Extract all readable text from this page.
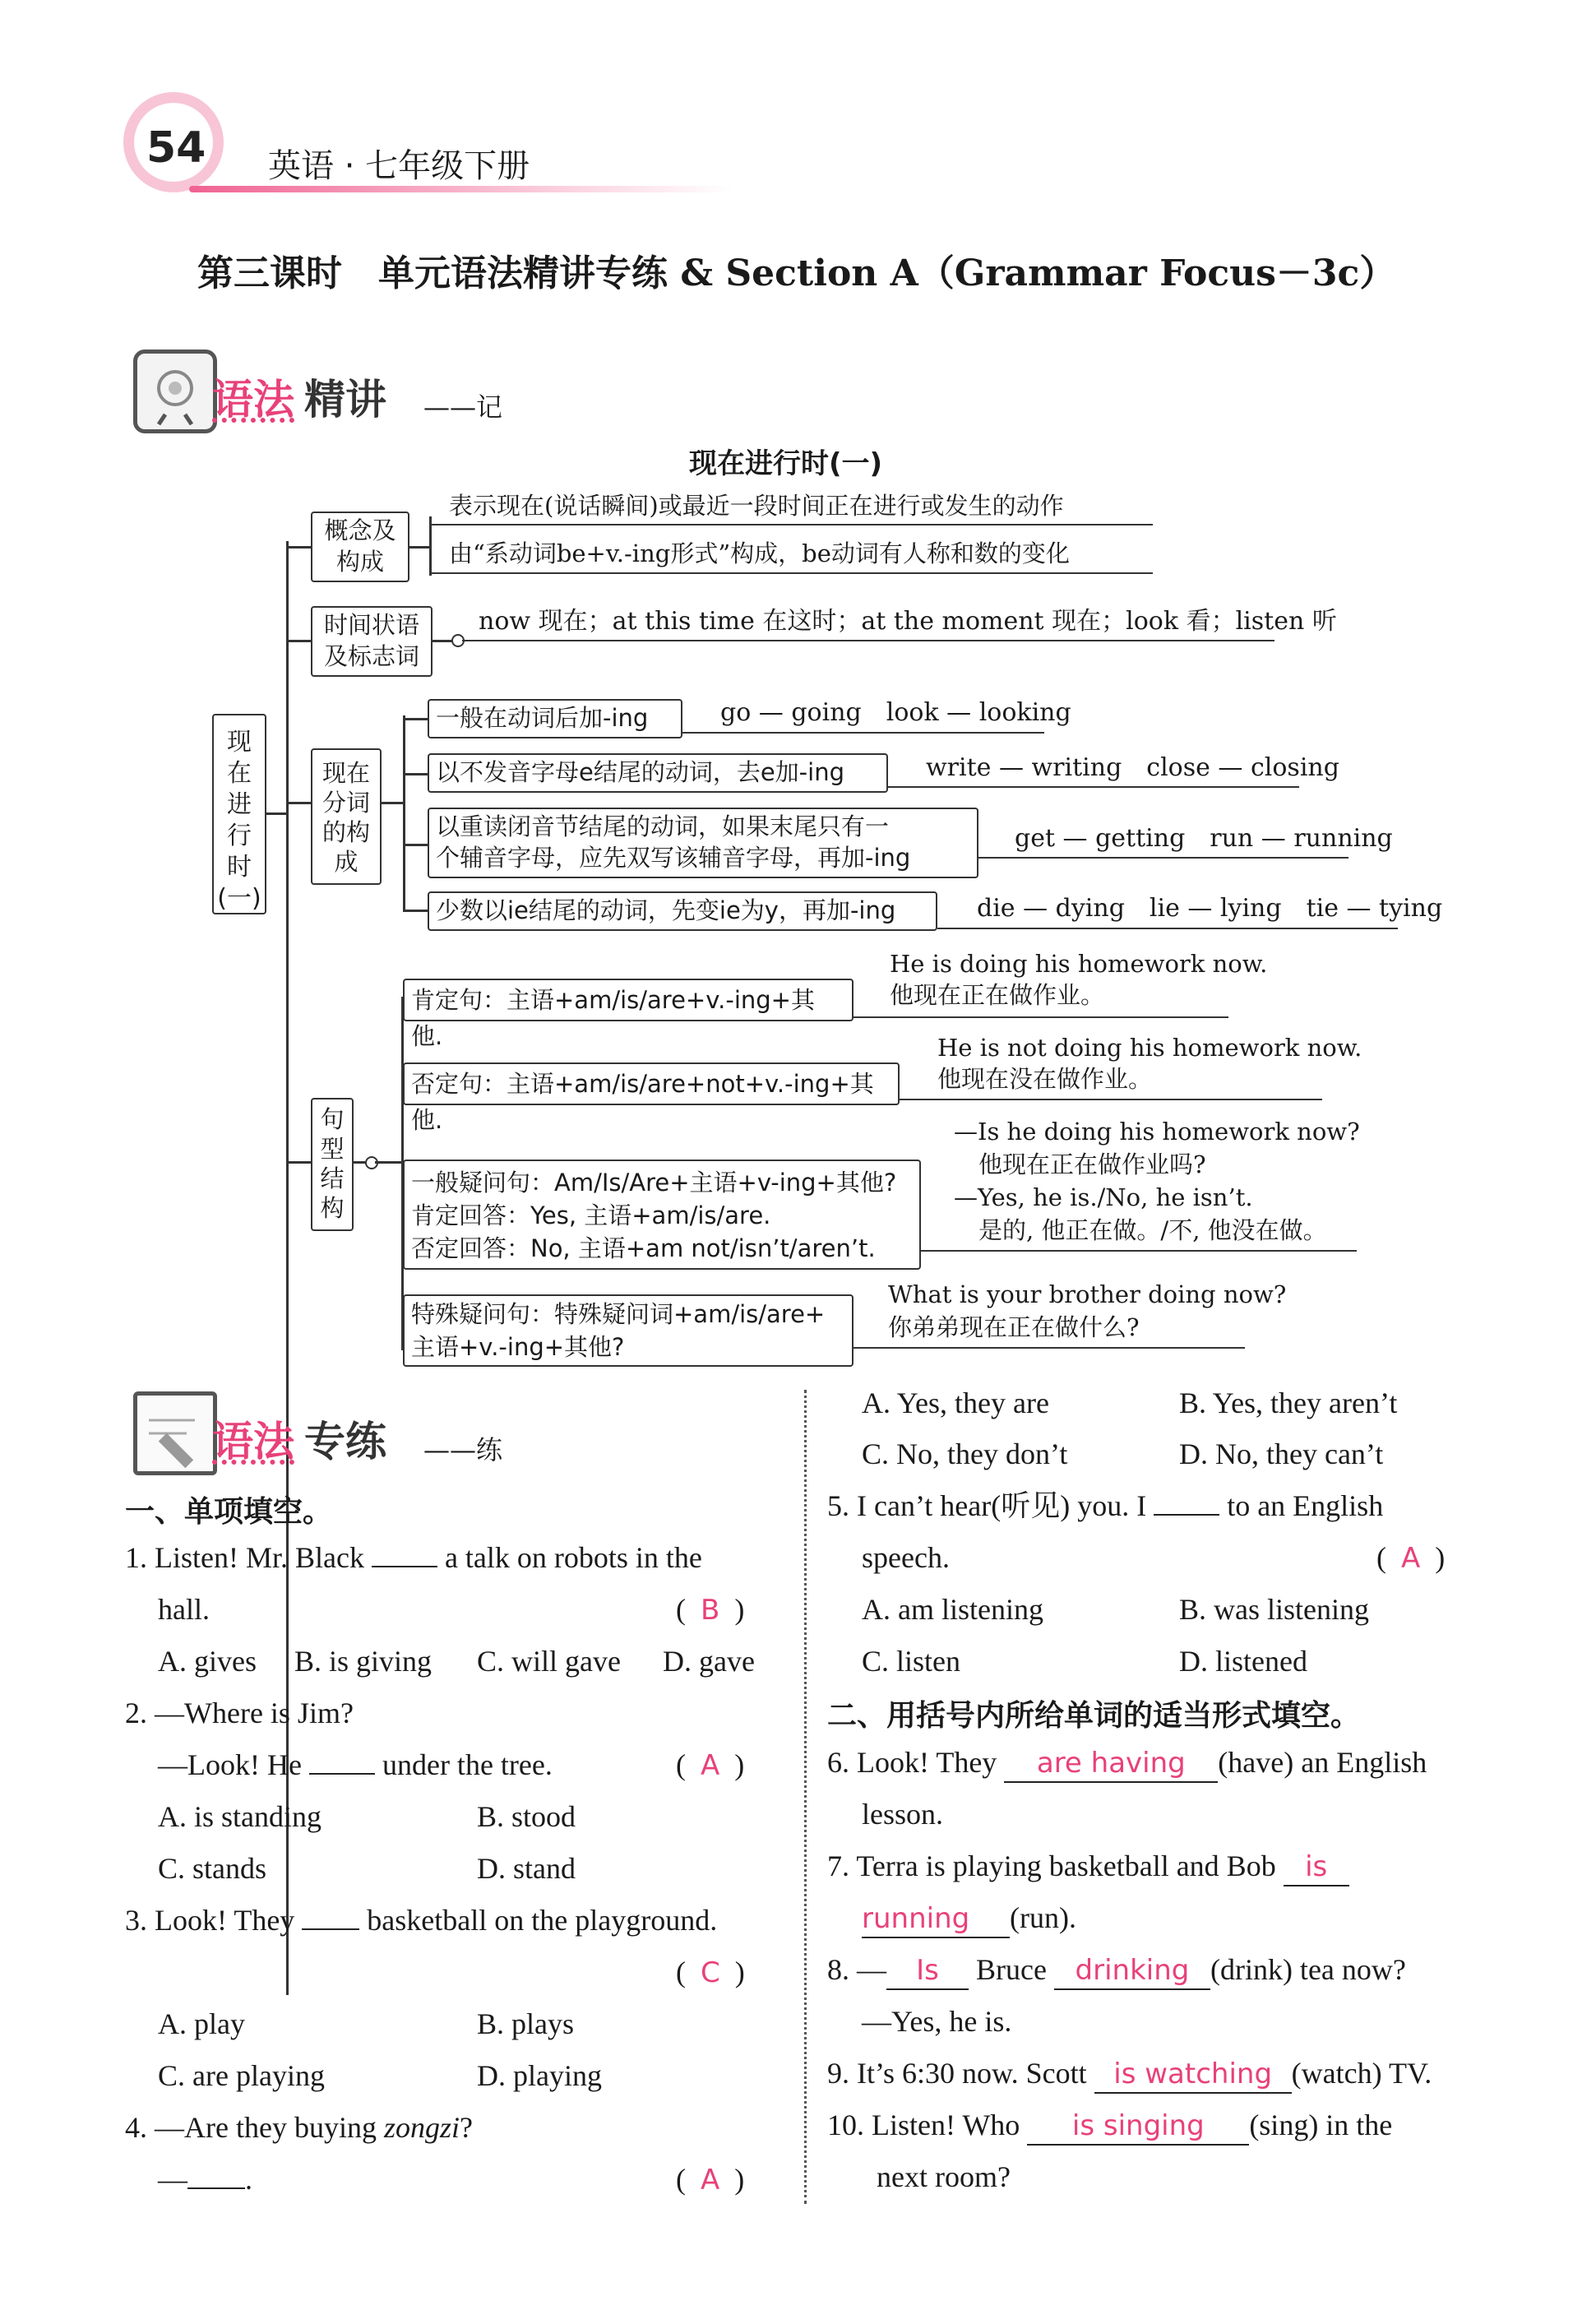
54 英语 · 七年级下册
第三课时　单元语法精讲专练 & Section A（Grammar Focus－3c）
语法 精讲 ——记
现在进行时(一)
现在进行时(一)
概念及构成
表示现在(说话瞬间)或最近一段时间正在进行或发生的动作
由“系动词be+v.-ing形式”构成，be动词有人称和数的变化
时间状语及标志词
now 现在；at this time 在这时；at the moment 现在；look 看；listen 听
现在分词的构成
一般在动词后加-ing	go — going　look — looking
以不发音字母e结尾的动词，去e加-ing	write — writing　close — closing
以重读闭音节结尾的动词，如果末尾只有一
个辅音字母，应先双写该辅音字母，再加-ing
get — getting　run — running
少数以ie结尾的动词，先变ie为y，再加-ing	die — dying　lie — lying　tie — tying
句型结构
肯定句：主语+am/is/are+v.-ing+其他.
He is doing his homework now.
他现在正在做作业。
否定句：主语+am/is/are+not+v.-ing+其他.
He is not doing his homework now.
他现在没在做作业。
一般疑问句：Am/Is/Are+主语+v-ing+其他?
肯定回答：Yes, 主语+am/is/are.
否定回答：No, 主语+am not/isn’t/aren’t.
—Is he doing his homework now?
他现在正在做作业吗?
—Yes, he is./No, he isn’t.
是的, 他正在做。/不, 他没在做。
特殊疑问句：特殊疑问词+am/is/are+
主语+v.-ing+其他?
What is your brother doing now?
你弟弟现在正在做什么?
语法 专练 ——练
一、单项填空。
1. Listen! Mr. Black	a talk on robots in the
hall.	(  B  )
A. gives B. is giving C. will gave D. gave
2. —Where is Jim?
—Look! He	under the tree.	(  A  )
A. is standing	B. stood
C. stands	D. stand
3. Look! They basketball on the playground.
(  C  )
A. play	B. plays
C. are playing	D. playing
4. —Are they buying zongzi?
— .	(  A  )
A. Yes, they are	B. Yes, they aren’t
C. No, they don’t	D. No, they can’t
5. I can’t hear(听见) you. I	to an English
speech.	(  A  )
A. am listening	B. was listening
C. listen	D. listened
二、用括号内所给单词的适当形式填空。
6. Look! They are having (have) an English
lesson.
7. Terra is playing basketball and Bob is
running (run).
8. — Is Bruce drinking (drink) tea now?
—Yes, he is.
9. It’s 6:30 now. Scott is watching (watch) TV.
10. Listen! Who is singing (sing) in the
next room?
